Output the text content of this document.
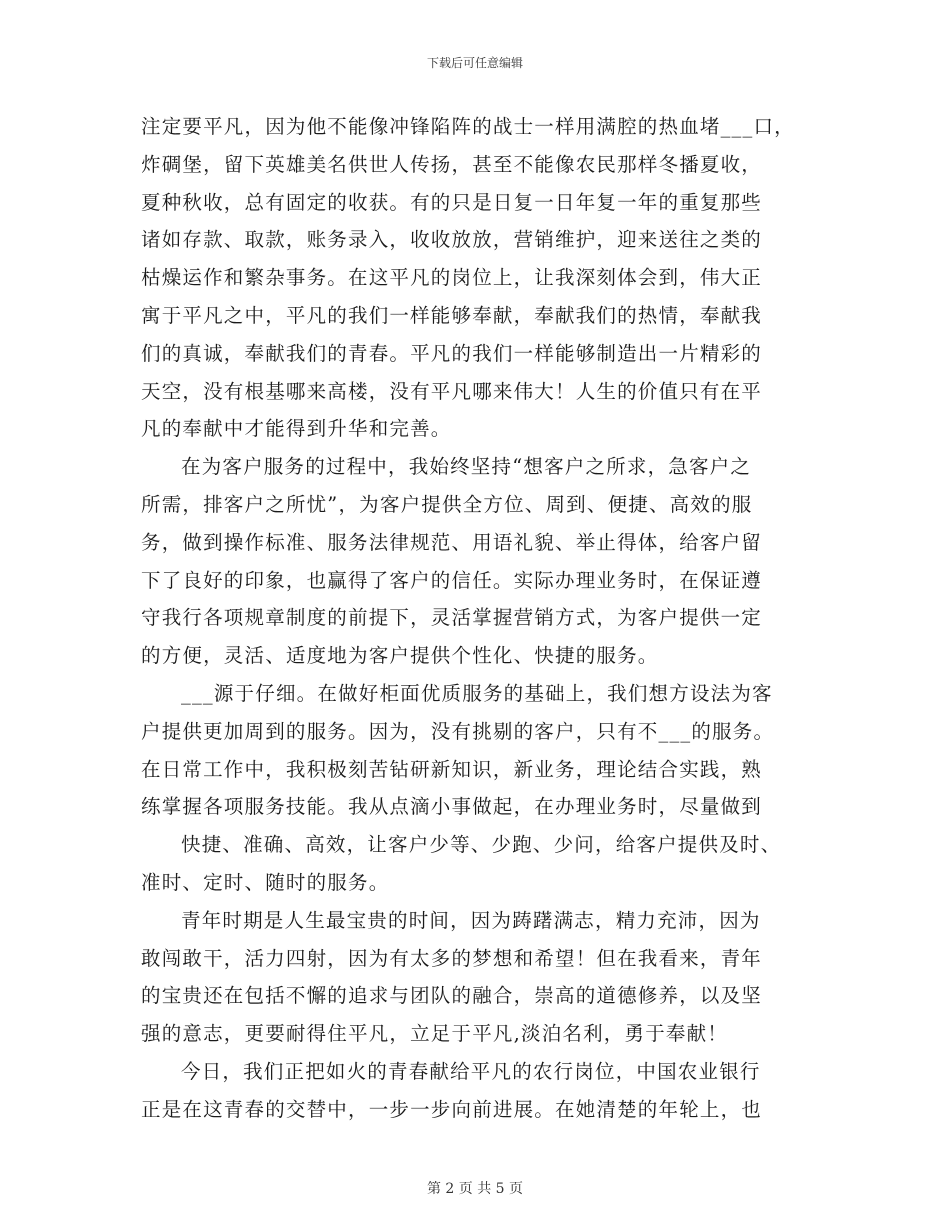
下载后可任意编辑
注定要平凡，因为他不能像冲锋陷阵的战士一样用满腔的热血堵___口，
炸碉堡，留下英雄美名供世人传扬，甚至不能像农民那样冬播夏收，
夏种秋收，总有固定的收获。有的只是日复一日年复一年的重复那些
诸如存款、取款，账务录入，收收放放，营销维护，迎来送往之类的
枯燥运作和繁杂事务。在这平凡的岗位上，让我深刻体会到，伟大正
寓于平凡之中，平凡的我们一样能够奉献，奉献我们的热情，奉献我
们的真诚，奉献我们的青春。平凡的我们一样能够制造出一片精彩的
天空，没有根基哪来高楼，没有平凡哪来伟大！人生的价值只有在平
凡的奉献中才能得到升华和完善。
在为客户服务的过程中，我始终坚持“想客户之所求，急客户之
所需，排客户之所忧”，为客户提供全方位、周到、便捷、高效的服
务，做到操作标准、服务法律规范、用语礼貌、举止得体，给客户留
下了良好的印象，也赢得了客户的信任。实际办理业务时，在保证遵
守我行各项规章制度的前提下，灵活掌握营销方式，为客户提供一定
的方便，灵活、适度地为客户提供个性化、快捷的服务。
___源于仔细。在做好柜面优质服务的基础上，我们想方设法为客
户提供更加周到的服务。因为，没有挑剔的客户，只有不___的服务。
在日常工作中，我积极刻苦钻研新知识，新业务，理论结合实践，熟
练掌握各项服务技能。我从点滴小事做起，在办理业务时，尽量做到
快捷、准确、高效，让客户少等、少跑、少问，给客户提供及时、
准时、定时、随时的服务。
青年时期是人生最宝贵的时间，因为踌躇满志，精力充沛，因为
敢闯敢干，活力四射，因为有太多的梦想和希望！但在我看来，青年
的宝贵还在包括不懈的追求与团队的融合，崇高的道德修养，以及坚
强的意志，更要耐得住平凡，立足于平凡,淡泊名利，勇于奉献！
今日，我们正把如火的青春献给平凡的农行岗位，中国农业银行
正是在这青春的交替中，一步一步向前进展。在她清楚的年轮上，也
第 2 页 共 5 页
